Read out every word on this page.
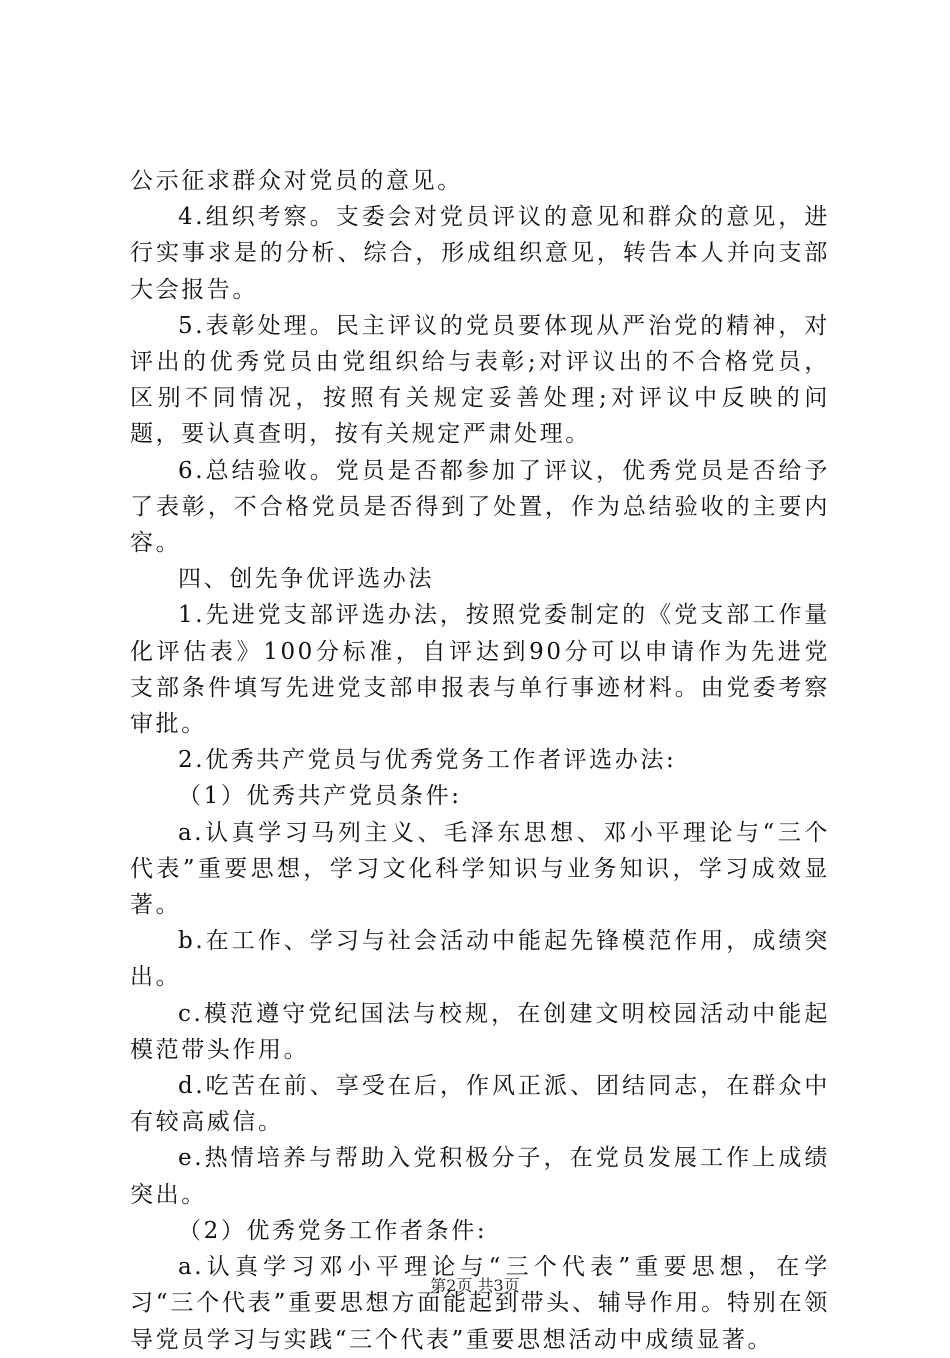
公示征求群众对党员的意见。

4.组织考察。支委会对党员评议的意见和群众的意见，进行实事求是的分析、综合，形成组织意见，转告本人并向支部大会报告。

5.表彰处理。民主评议的党员要体现从严治党的精神，对评出的优秀党员由党组织给与表彰;对评议出的不合格党员，区别不同情况，按照有关规定妥善处理;对评议中反映的问题，要认真查明，按有关规定严肃处理。

6.总结验收。党员是否都参加了评议，优秀党员是否给予了表彰，不合格党员是否得到了处置，作为总结验收的主要内容。

四、创先争优评选办法

1.先进党支部评选办法，按照党委制定的《党支部工作量化评估表》100分标准，自评达到90分可以申请作为先进党支部条件填写先进党支部申报表与单行事迹材料。由党委考察审批。

2.优秀共产党员与优秀党务工作者评选办法:

（1）优秀共产党员条件:

a.认真学习马列主义、毛泽东思想、邓小平理论与“三个代表”重要思想，学习文化科学知识与业务知识，学习成效显著。

b.在工作、学习与社会活动中能起先锋模范作用，成绩突出。

c.模范遵守党纪国法与校规，在创建文明校园活动中能起模范带头作用。

d.吃苦在前、享受在后，作风正派、团结同志，在群众中有较高威信。

e.热情培养与帮助入党积极分子，在党员发展工作上成绩突出。

（2）优秀党务工作者条件:

a.认真学习邓小平理论与“三个代表”重要思想，在学习“三个代表”重要思想方面能起到带头、辅导作用。特别在领导党员学习与实践“三个代表”重要思想活动中成绩显著。

第2页 共3页
